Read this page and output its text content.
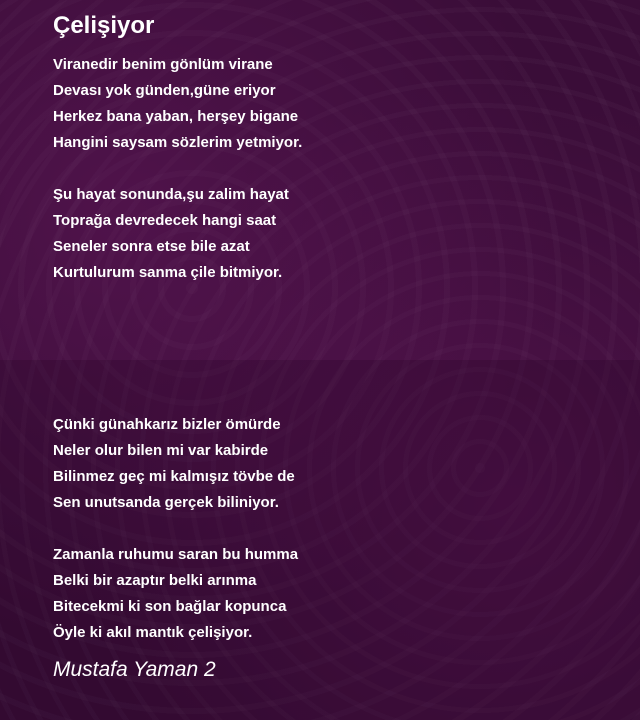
Çelişiyor
Viranedir benim gönlüm virane
Devası yok günden,güne eriyor
Herkez bana yaban, herşey bigane
Hangini saysam sözlerim yetmiyor.
Şu hayat sonunda,şu zalim hayat
Toprağa devredecek hangi saat
Seneler sonra etse bile azat
Kurtulurum sanma çile bitmiyor.
Çünki günahkarız bizler ömürde
Neler olur bilen mi var kabirde
Bilinmez geç mi kalmışız tövbe de
Sen unutsanda gerçek biliniyor.
Zamanla ruhumu saran bu humma
Belki bir azaptır belki arınma
Bitecekmi ki son bağlar kopunca
Öyle ki akıl mantık çelişiyor.

Mustafa Yaman 2
